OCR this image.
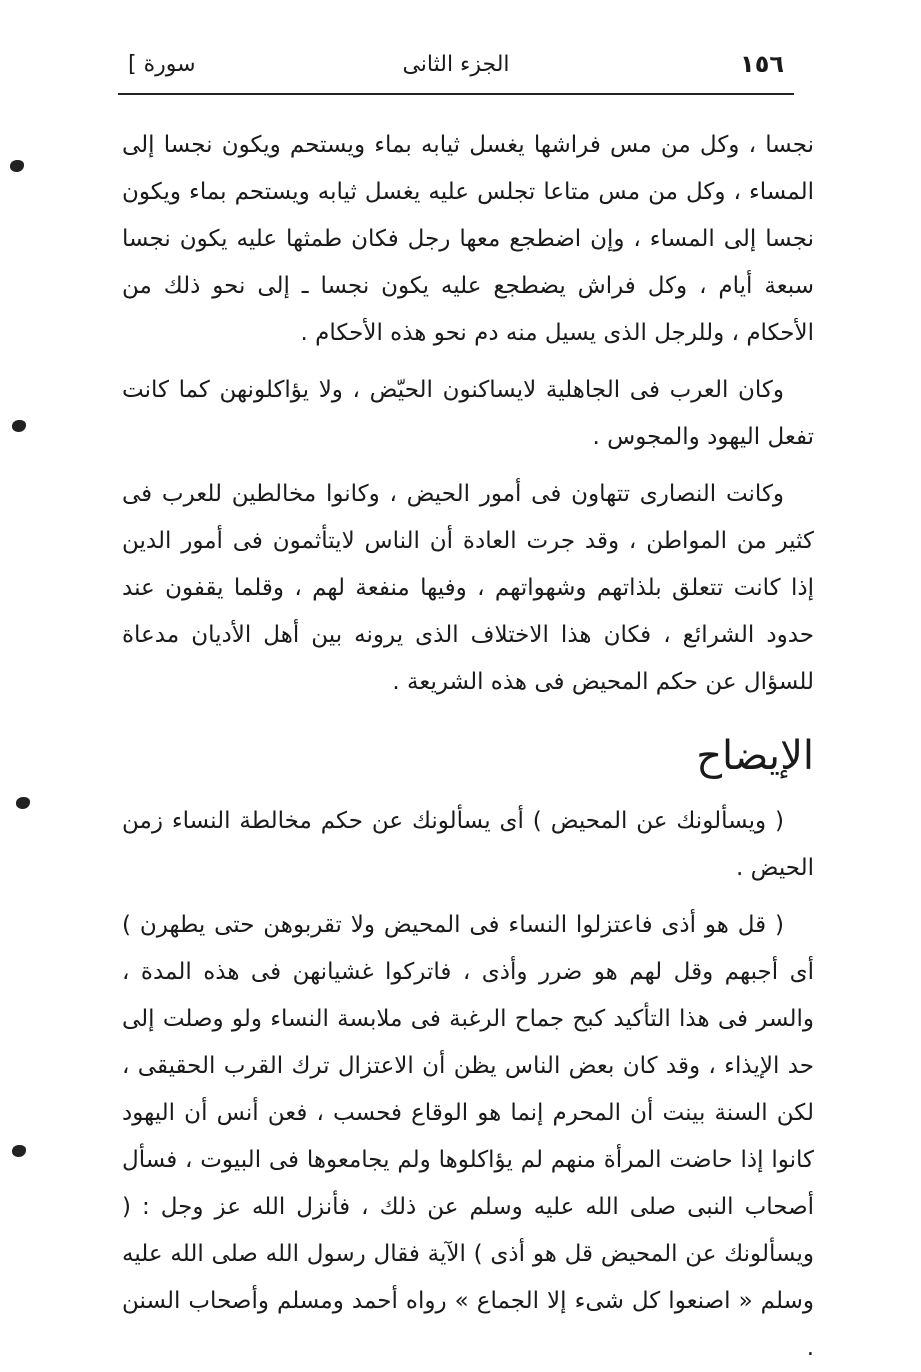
١٥٦
الجزء الثانى
سورة ]

نجسا ، وكل من مس فراشها يغسل ثيابه بماء ويستحم ويكون نجسا إلى المساء ، وكل من مس متاعا تجلس عليه يغسل ثيابه ويستحم بماء ويكون نجسا إلى المساء ، وإن اضطجع معها رجل فكان طمثها عليه يكون نجسا سبعة أيام ، وكل فراش يضطجع عليه يكون نجسا ـ إلى نحو ذلك من الأحكام ، وللرجل الذى يسيل منه دم نحو هذه الأحكام .

وكان العرب فى الجاهلية لايساكنون الحيّض ، ولا يؤاكلونهن كما كانت تفعل اليهود والمجوس .

وكانت النصارى تتهاون فى أمور الحيض ، وكانوا مخالطين للعرب فى كثير من المواطن ، وقد جرت العادة أن الناس لايتأثمون فى أمور الدين إذا كانت تتعلق بلذاتهم وشهواتهم ، وفيها منفعة لهم ، وقلما يقفون عند حدود الشرائع ، فكان هذا الاختلاف الذى يرونه بين أهل الأديان مدعاة للسؤال عن حكم المحيض فى هذه الشريعة .

الإيضاح

( ويسألونك عن المحيض ) أى يسألونك عن حكم مخالطة النساء زمن الحيض .

( قل هو أذى فاعتزلوا النساء فى المحيض ولا تقربوهن حتى يطهرن ) أى أجبهم وقل لهم هو ضرر وأذى ، فاتركوا غشيانهن فى هذه المدة ، والسر فى هذا التأكيد كبح جماح الرغبة فى ملابسة النساء ولو وصلت إلى حد الإيذاء ، وقد كان بعض الناس يظن أن الاعتزال ترك القرب الحقيقى ، لكن السنة بينت أن المحرم إنما هو الوقاع فحسب ، فعن أنس أن اليهود كانوا إذا حاضت المرأة منهم لم يؤاكلوها ولم يجامعوها فى البيوت ، فسأل أصحاب النبى صلى الله عليه وسلم عن ذلك ، فأنزل الله عز وجل : ( ويسألونك عن المحيض قل هو أذى ) الآية فقال رسول الله صلى الله عليه وسلم « اصنعوا كل شىء إلا الجماع » رواه أحمد ومسلم وأصحاب السنن .
